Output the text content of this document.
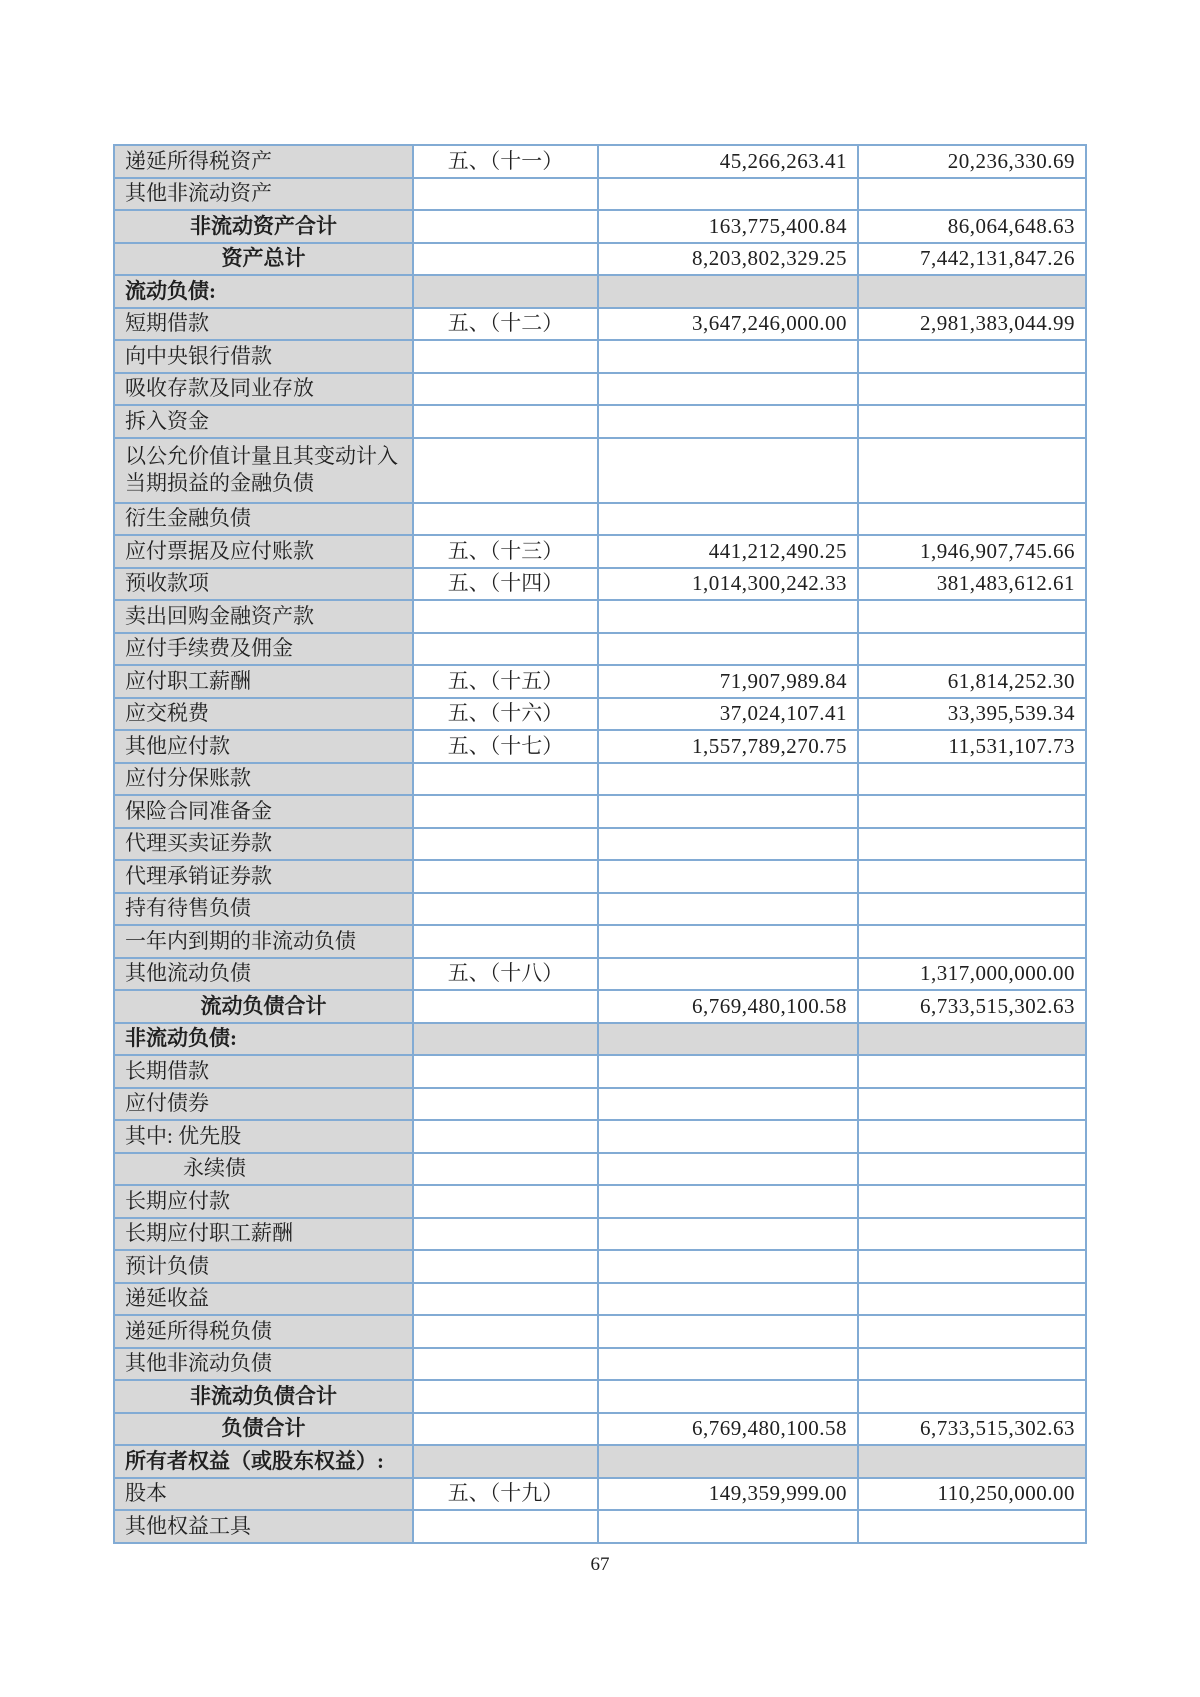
递延所得税资产	五、（十一）	45,266,263.41	20,236,330.69
其他非流动资产			
非流动资产合计		163,775,400.84	86,064,648.63
资产总计		8,203,802,329.25	7,442,131,847.26
流动负债:			
短期借款	五、（十二）	3,647,246,000.00	2,981,383,044.99
向中央银行借款			
吸收存款及同业存放			
拆入资金			
以公允价值计量且其变动计入当期损益的金融负债			
衍生金融负债			
应付票据及应付账款	五、（十三）	441,212,490.25	1,946,907,745.66
预收款项	五、（十四）	1,014,300,242.33	381,483,612.61
卖出回购金融资产款			
应付手续费及佣金			
应付职工薪酬	五、（十五）	71,907,989.84	61,814,252.30
应交税费	五、（十六）	37,024,107.41	33,395,539.34
其他应付款	五、（十七）	1,557,789,270.75	11,531,107.73
应付分保账款			
保险合同准备金			
代理买卖证券款			
代理承销证券款			
持有待售负债			
一年内到期的非流动负债			
其他流动负债	五、（十八）		1,317,000,000.00
流动负债合计		6,769,480,100.58	6,733,515,302.63
非流动负债:			
长期借款			
应付债券			
其中: 优先股			
永续债			
长期应付款			
长期应付职工薪酬			
预计负债			
递延收益			
递延所得税负债			
其他非流动负债			
非流动负债合计			
负债合计		6,769,480,100.58	6,733,515,302.63
所有者权益（或股东权益）:			
股本	五、（十九）	149,359,999.00	110,250,000.00
其他权益工具			
67
